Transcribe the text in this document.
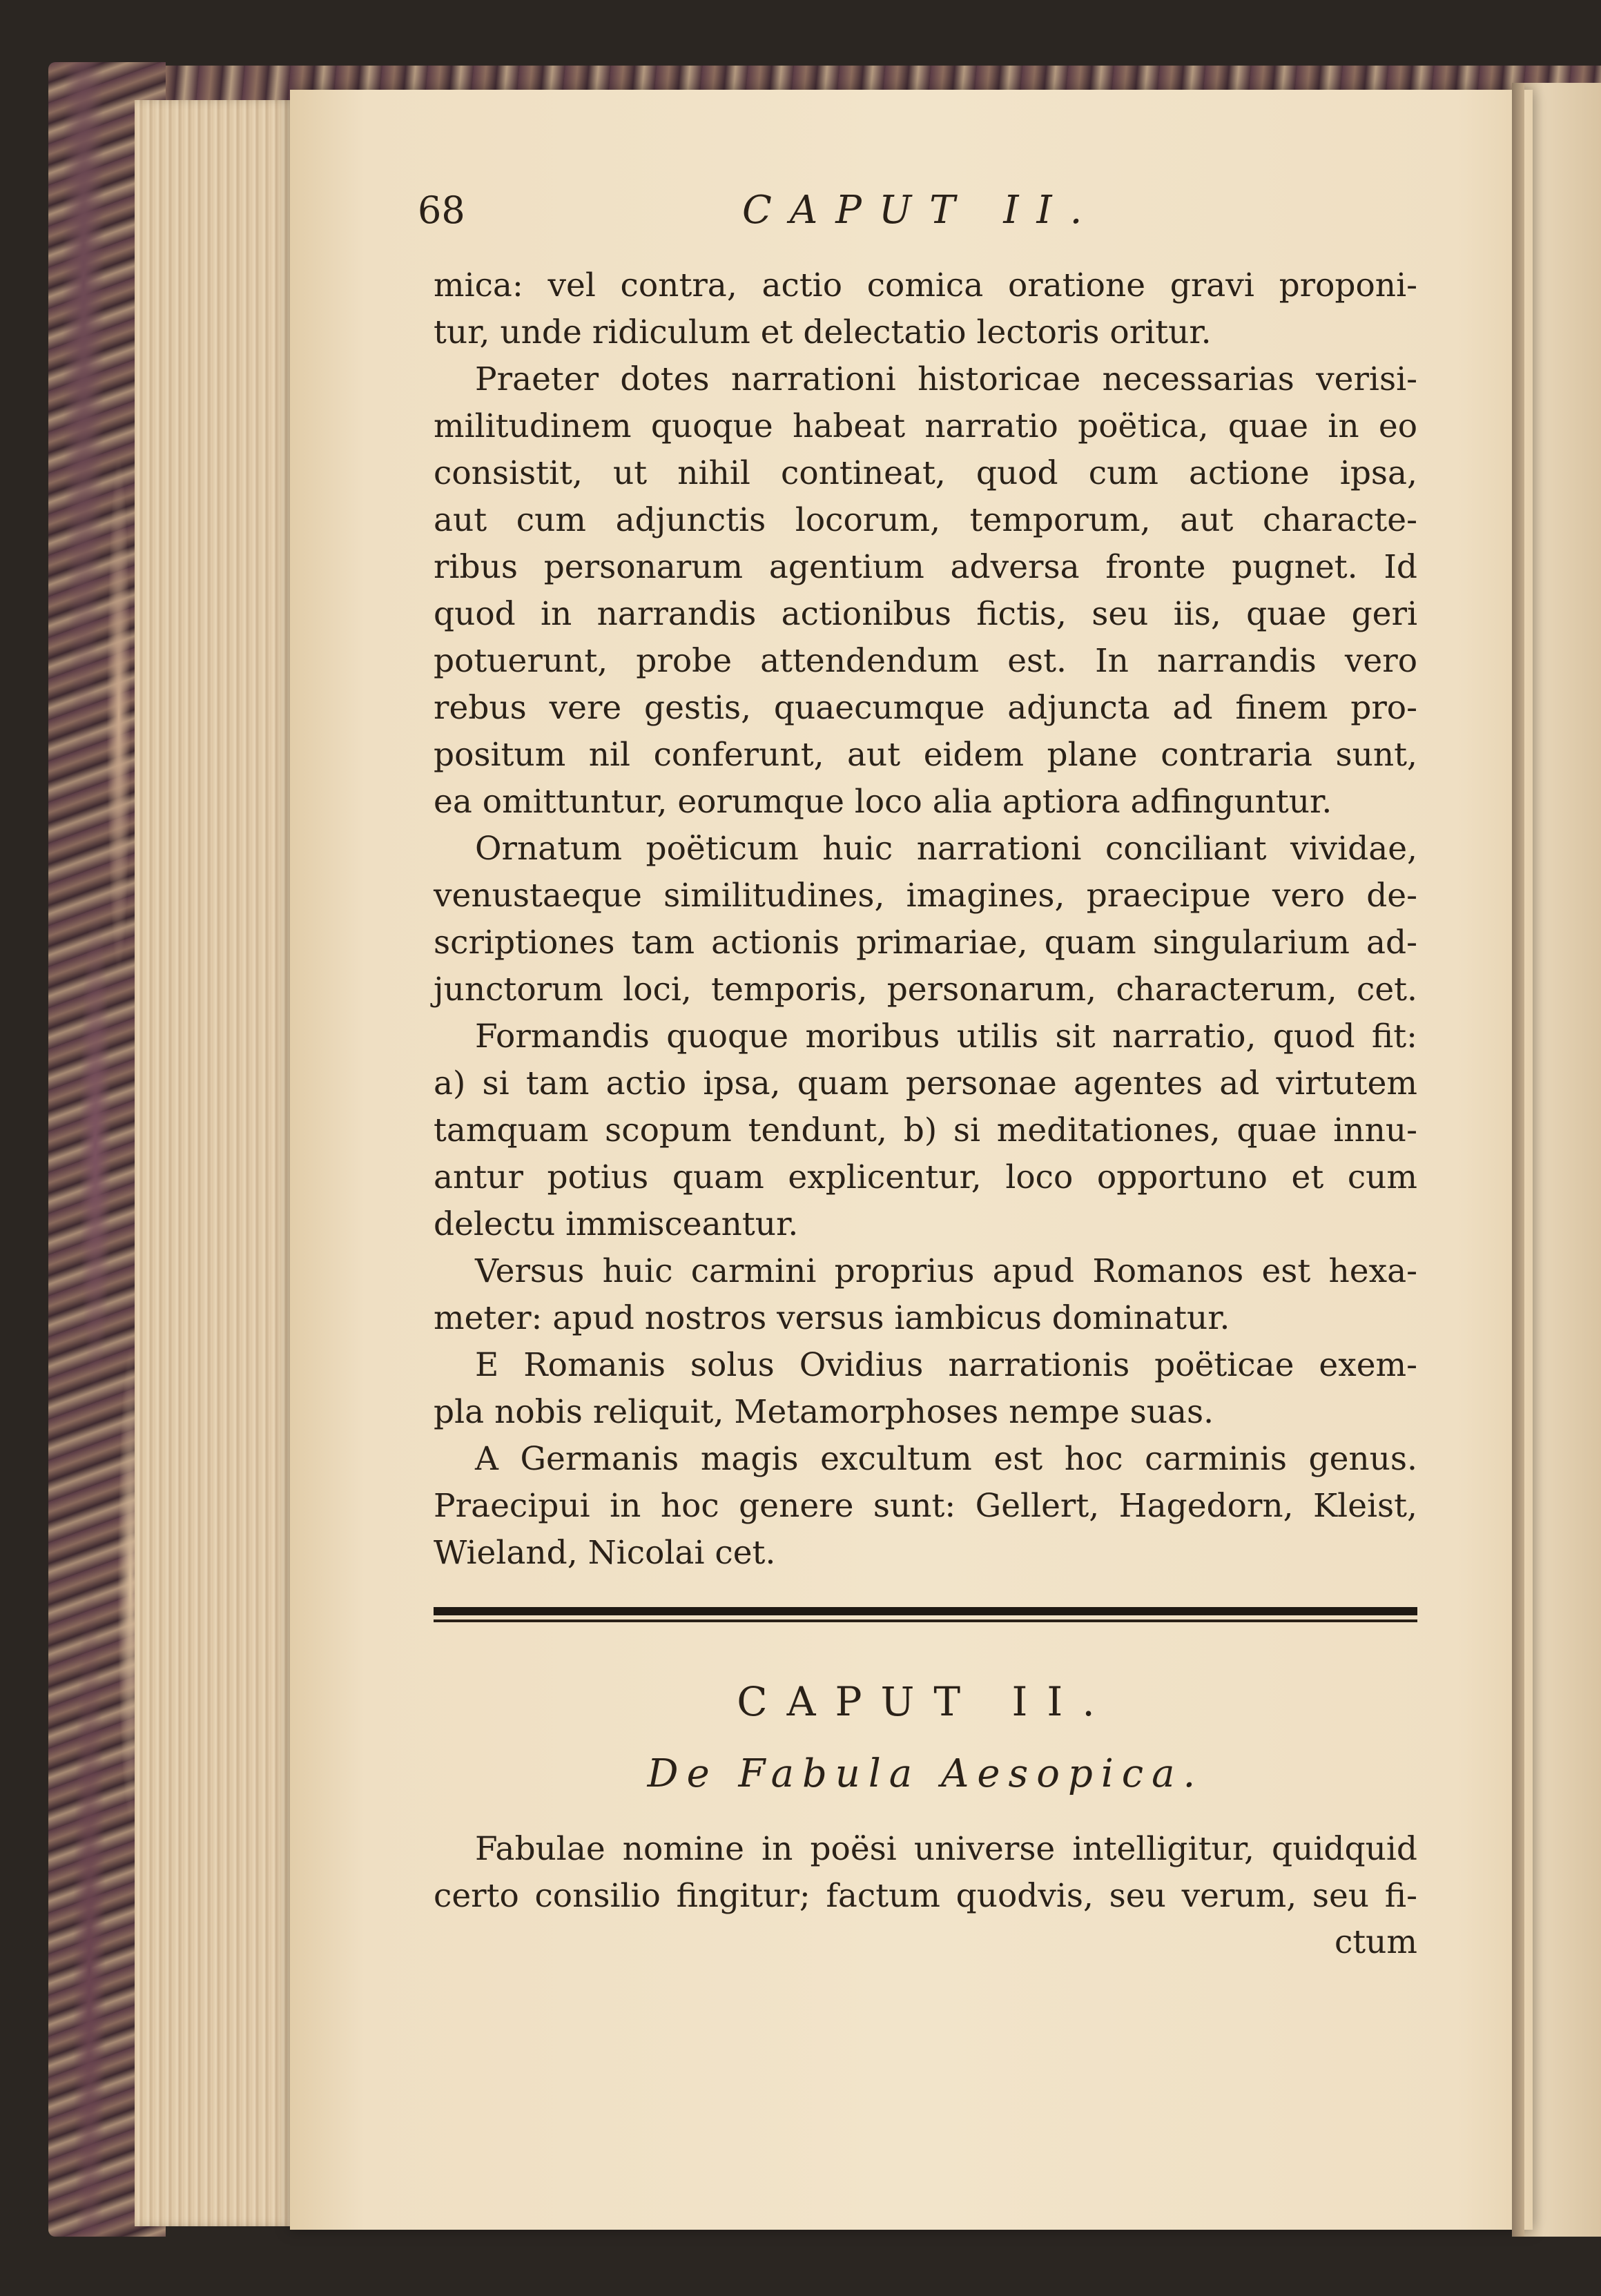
68	CAPUT II.
mica: vel contra, actio comica oratione gravi proponi-
tur, unde ridiculum et delectatio lectoris oritur.
Praeter dotes narrationi historicae necessarias verisi-
militudinem quoque habeat narratio poëtica, quae in eo
consistit, ut nihil contineat, quod cum actione ipsa,
aut cum adjunctis locorum, temporum, aut characte-
ribus personarum agentium adversa fronte pugnet. Id
quod in narrandis actionibus fictis, seu iis, quae geri
potuerunt, probe attendendum est. In narrandis vero
rebus vere gestis, quaecumque adjuncta ad finem pro-
positum nil conferunt, aut eidem plane contraria sunt,
ea omittuntur, eorumque loco alia aptiora adfinguntur.
Ornatum poëticum huic narrationi conciliant vividae,
venustaeque similitudines, imagines, praecipue vero de-
scriptiones tam actionis primariae, quam singularium ad-
junctorum loci, temporis, personarum, characterum, cet.
Formandis quoque moribus utilis sit narratio, quod fit:
a) si tam actio ipsa, quam personae agentes ad virtutem
tamquam scopum tendunt, b) si meditationes, quae innu-
antur potius quam explicentur, loco opportuno et cum
delectu immisceantur.
Versus huic carmini proprius apud Romanos est hexa-
meter: apud nostros versus iambicus dominatur.
E Romanis solus Ovidius narrationis poëticae exem-
pla nobis reliquit, Metamorphoses nempe suas.
A Germanis magis excultum est hoc carminis genus.
Praecipui in hoc genere sunt: Gellert, Hagedorn, Kleist,
Wieland, Nicolai cet.
CAPUT II.
De Fabula Aesopica.
Fabulae nomine in poësi universe intelligitur, quidquid
certo consilio fingitur; factum quodvis, seu verum, seu fi-
ctum
